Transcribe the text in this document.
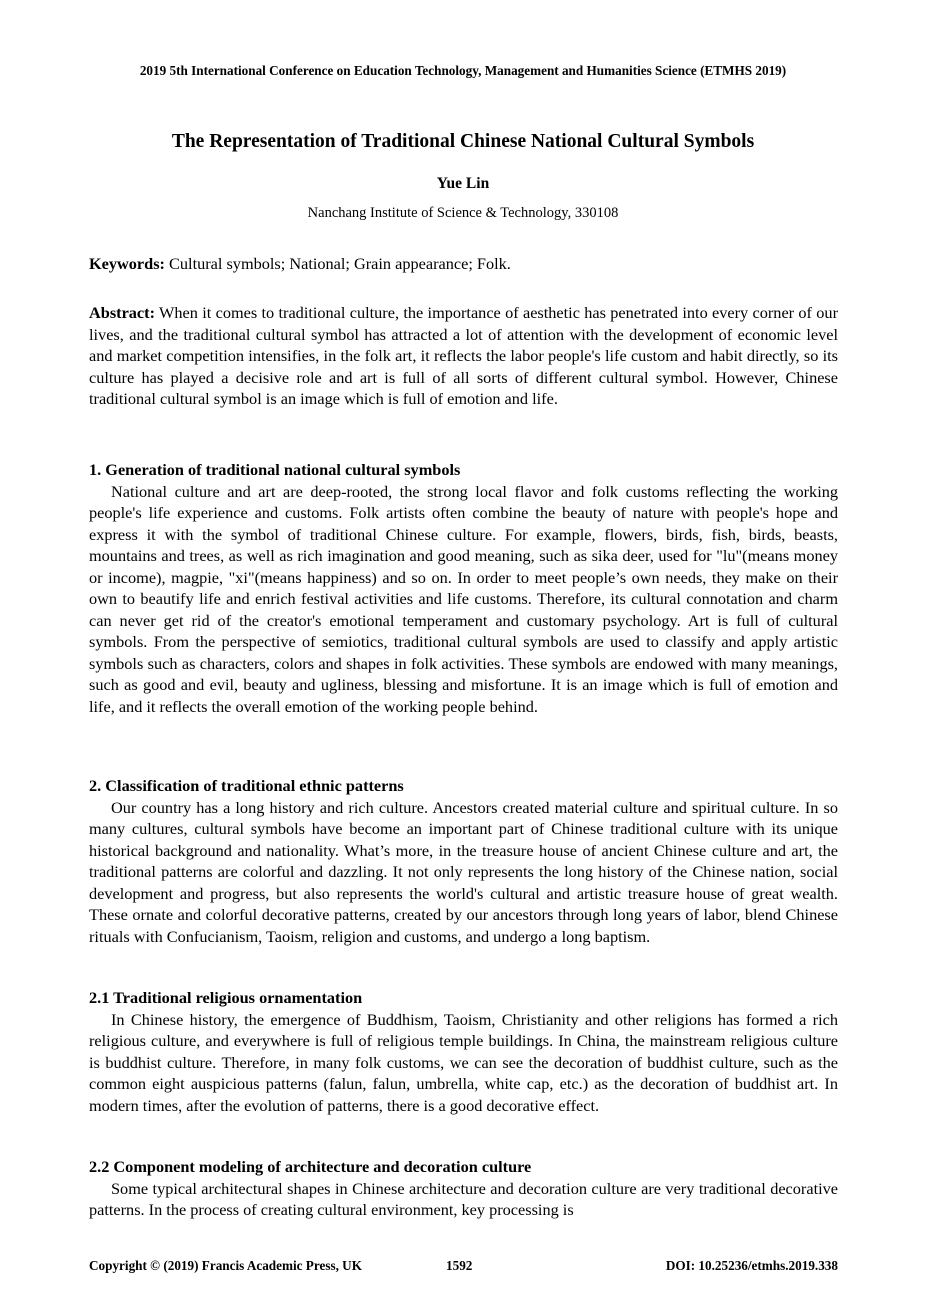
2019 5th International Conference on Education Technology, Management and Humanities Science (ETMHS 2019)
The Representation of Traditional Chinese National Cultural Symbols
Yue Lin
Nanchang Institute of Science & Technology, 330108

Keywords: Cultural symbols; National; Grain appearance; Folk.

Abstract: When it comes to traditional culture, the importance of aesthetic has penetrated into every corner of our lives, and the traditional cultural symbol has attracted a lot of attention with the development of economic level and market competition intensifies, in the folk art, it reflects the labor people's life custom and habit directly, so its culture has played a decisive role and art is full of all sorts of different cultural symbol. However, Chinese traditional cultural symbol is an image which is full of emotion and life.

1. Generation of traditional national cultural symbols

National culture and art are deep-rooted, the strong local flavor and folk customs reflecting the working people's life experience and customs. Folk artists often combine the beauty of nature with people's hope and express it with the symbol of traditional Chinese culture. For example, flowers, birds, fish, birds, beasts, mountains and trees, as well as rich imagination and good meaning, such as sika deer, used for "lu"(means money or income), magpie, "xi"(means happiness) and so on. In order to meet people’s own needs, they make on their own to beautify life and enrich festival activities and life customs. Therefore, its cultural connotation and charm can never get rid of the creator's emotional temperament and customary psychology. Art is full of cultural symbols. From the perspective of semiotics, traditional cultural symbols are used to classify and apply artistic symbols such as characters, colors and shapes in folk activities. These symbols are endowed with many meanings, such as good and evil, beauty and ugliness, blessing and misfortune. It is an image which is full of emotion and life, and it reflects the overall emotion of the working people behind.

2. Classification of traditional ethnic patterns

Our country has a long history and rich culture. Ancestors created material culture and spiritual culture. In so many cultures, cultural symbols have become an important part of Chinese traditional culture with its unique historical background and nationality. What’s more, in the treasure house of ancient Chinese culture and art, the traditional patterns are colorful and dazzling. It not only represents the long history of the Chinese nation, social development and progress, but also represents the world's cultural and artistic treasure house of great wealth. These ornate and colorful decorative patterns, created by our ancestors through long years of labor, blend Chinese rituals with Confucianism, Taoism, religion and customs, and undergo a long baptism.

2.1 Traditional religious ornamentation

In Chinese history, the emergence of Buddhism, Taoism, Christianity and other religions has formed a rich religious culture, and everywhere is full of religious temple buildings. In China, the mainstream religious culture is buddhist culture. Therefore, in many folk customs, we can see the decoration of buddhist culture, such as the common eight auspicious patterns (falun, falun, umbrella, white cap, etc.) as the decoration of buddhist art. In modern times, after the evolution of patterns, there is a good decorative effect.

2.2 Component modeling of architecture and decoration culture

Some typical architectural shapes in Chinese architecture and decoration culture are very traditional decorative patterns. In the process of creating cultural environment, key processing is

Copyright © (2019) Francis Academic Press, UK	1592	DOI: 10.25236/etmhs.2019.338
